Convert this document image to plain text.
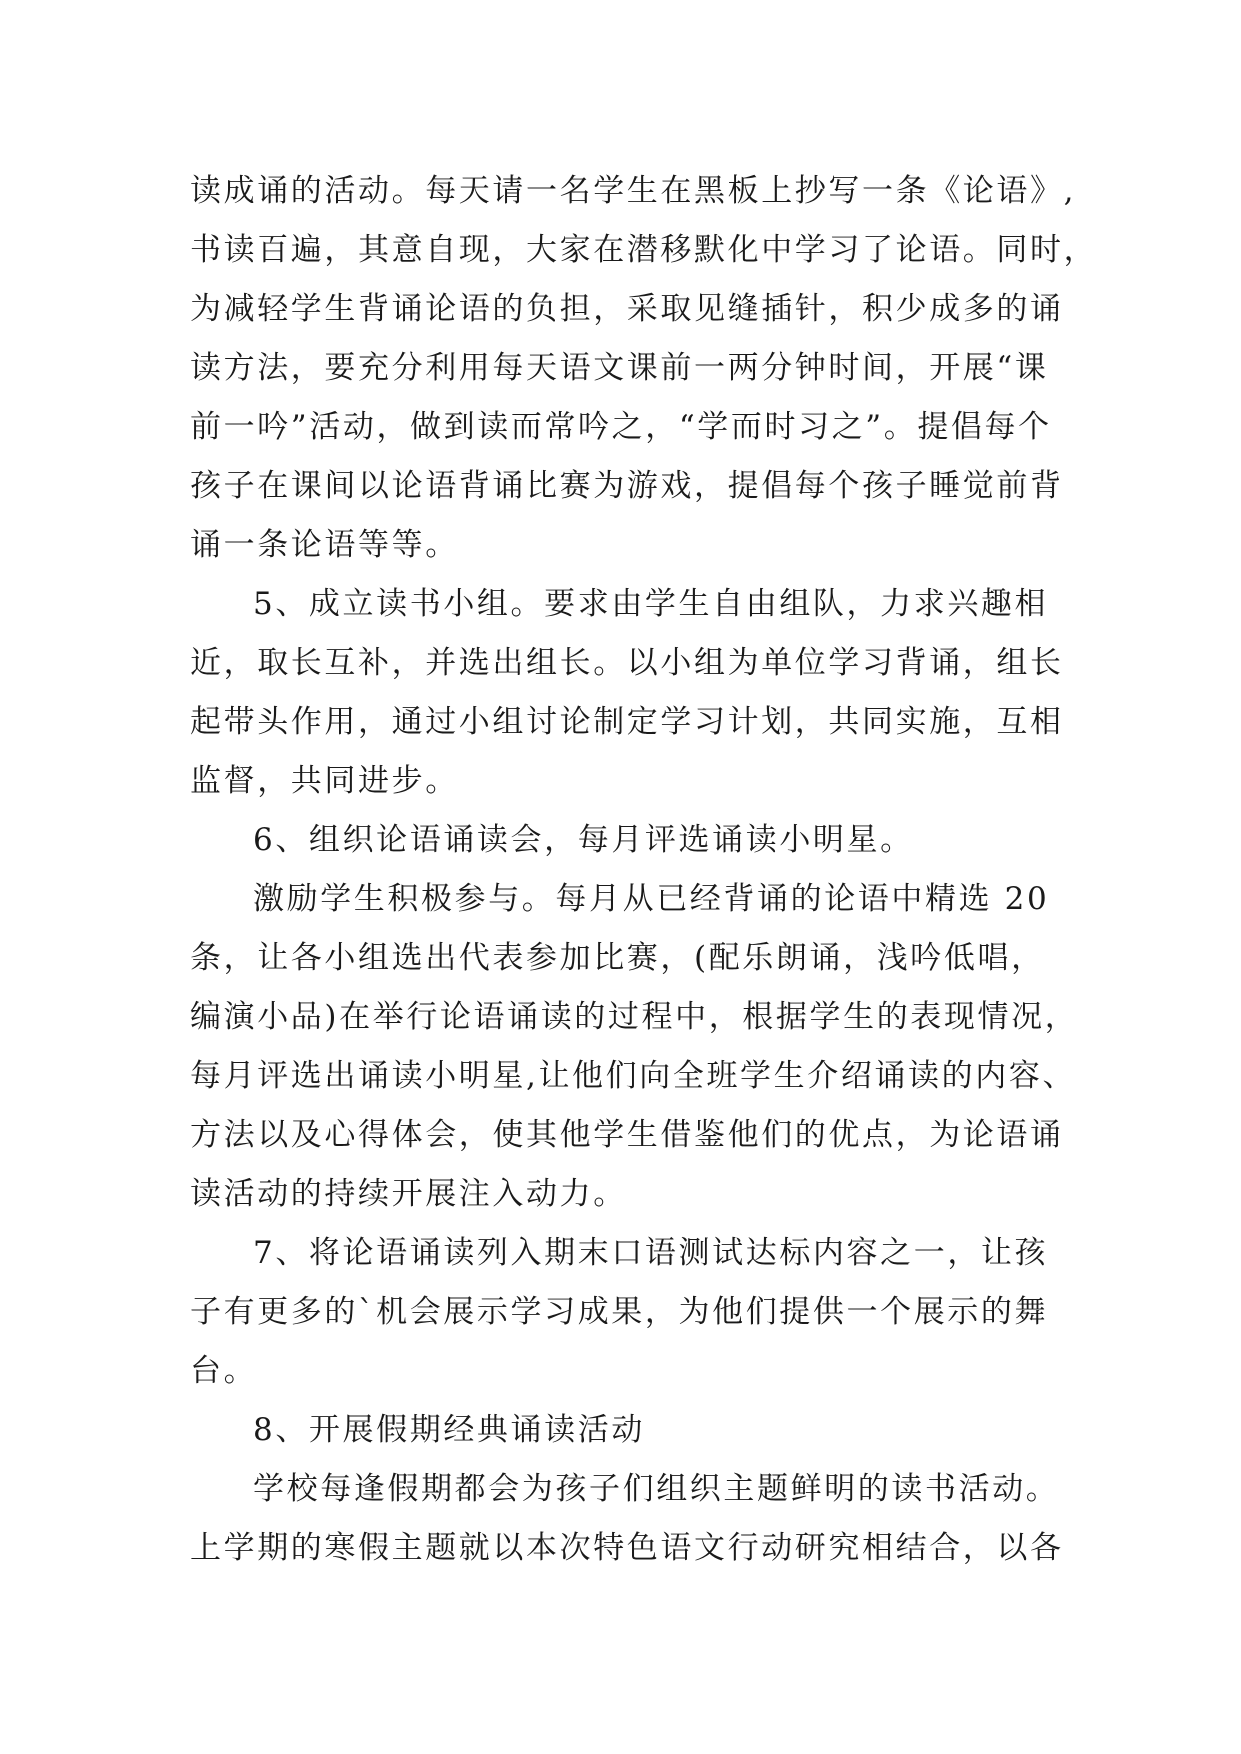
读成诵的活动。每天请一名学生在黑板上抄写一条《论语》,
书读百遍，其意自现，大家在潜移默化中学习了论语。同时，
为减轻学生背诵论语的负担，采取见缝插针，积少成多的诵
读方法，要充分利用每天语文课前一两分钟时间，开展“课
前一吟”活动，做到读而常吟之，“学而时习之”。提倡每个
孩子在课间以论语背诵比赛为游戏，提倡每个孩子睡觉前背
诵一条论语等等。
5、成立读书小组。要求由学生自由组队，力求兴趣相
近，取长互补，并选出组长。以小组为单位学习背诵，组长
起带头作用，通过小组讨论制定学习计划，共同实施，互相
监督，共同进步。
6、组织论语诵读会，每月评选诵读小明星。
激励学生积极参与。每月从已经背诵的论语中精选 20
条，让各小组选出代表参加比赛，(配乐朗诵，浅吟低唱，
编演小品)在举行论语诵读的过程中，根据学生的表现情况，
每月评选出诵读小明星,让他们向全班学生介绍诵读的内容、
方法以及心得体会，使其他学生借鉴他们的优点，为论语诵
读活动的持续开展注入动力。
7、将论语诵读列入期末口语测试达标内容之一，让孩
子有更多的`机会展示学习成果，为他们提供一个展示的舞
台。
8、开展假期经典诵读活动
学校每逢假期都会为孩子们组织主题鲜明的读书活动。
上学期的寒假主题就以本次特色语文行动研究相结合，以各
